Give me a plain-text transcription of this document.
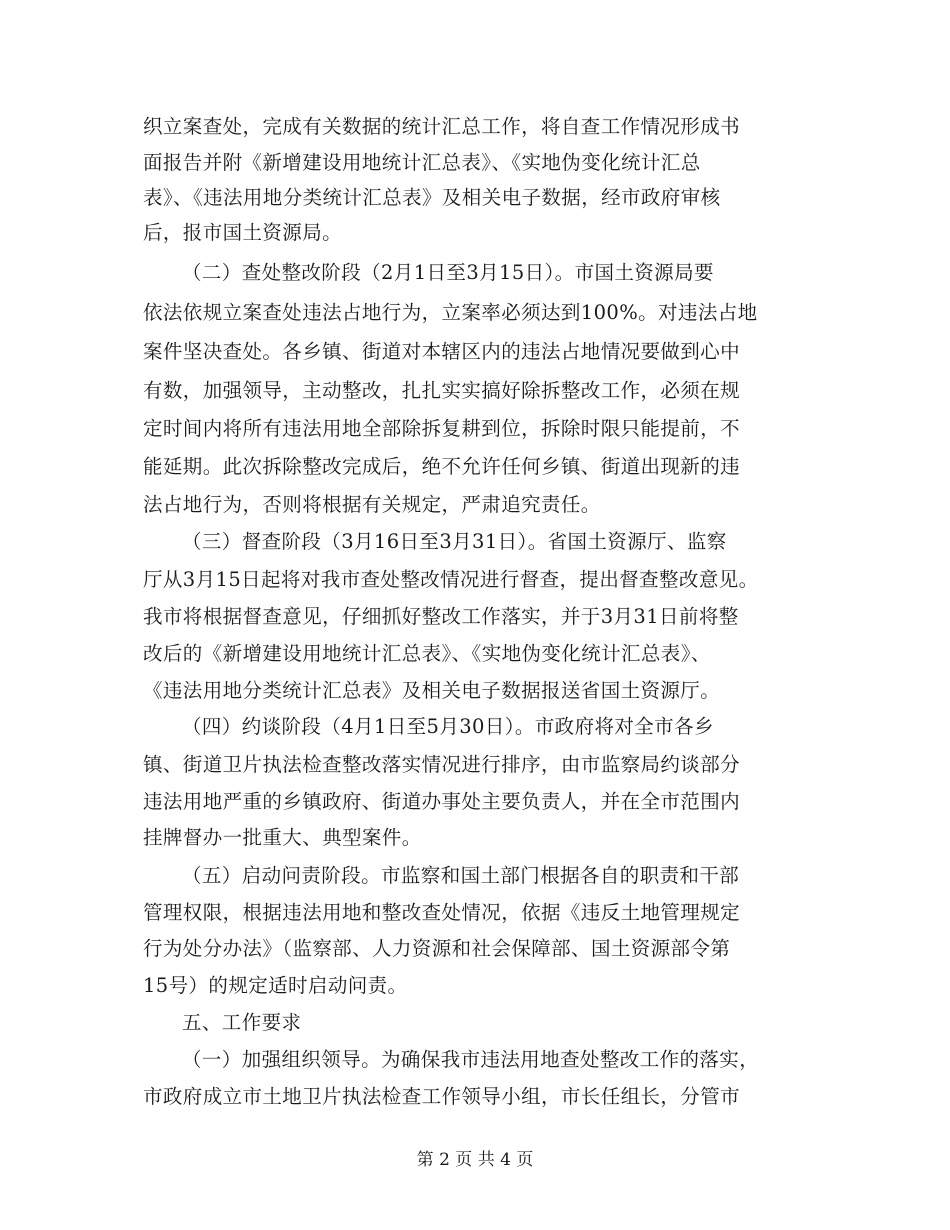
织立案查处，完成有关数据的统计汇总工作，将自查工作情况形成书
面报告并附《新增建设用地统计汇总表》、《实地伪变化统计汇总
表》、《违法用地分类统计汇总表》及相关电子数据，经市政府审核
后，报市国土资源局。
（二）查处整改阶段（2月1日至3月15日）。市国土资源局要
依法依规立案查处违法占地行为，立案率必须达到100%。对违法占地
案件坚决查处。各乡镇、街道对本辖区内的违法占地情况要做到心中
有数，加强领导，主动整改，扎扎实实搞好除拆整改工作，必须在规
定时间内将所有违法用地全部除拆复耕到位，拆除时限只能提前，不
能延期。此次拆除整改完成后，绝不允许任何乡镇、街道出现新的违
法占地行为，否则将根据有关规定，严肃追究责任。
（三）督查阶段（3月16日至3月31日）。省国土资源厅、监察
厅从3月15日起将对我市查处整改情况进行督查，提出督查整改意见。
我市将根据督查意见，仔细抓好整改工作落实，并于3月31日前将整
改后的《新增建设用地统计汇总表》、《实地伪变化统计汇总表》、
《违法用地分类统计汇总表》及相关电子数据报送省国土资源厅。
（四）约谈阶段（4月1日至5月30日）。市政府将对全市各乡
镇、街道卫片执法检查整改落实情况进行排序，由市监察局约谈部分
违法用地严重的乡镇政府、街道办事处主要负责人，并在全市范围内
挂牌督办一批重大、典型案件。
（五）启动问责阶段。市监察和国土部门根据各自的职责和干部
管理权限，根据违法用地和整改查处情况，依据《违反土地管理规定
行为处分办法》（监察部、人力资源和社会保障部、国土资源部令第
15号）的规定适时启动问责。
五、工作要求
（一）加强组织领导。为确保我市违法用地查处整改工作的落实，
市政府成立市土地卫片执法检查工作领导小组，市长任组长，分管市
第 2 页 共 4 页
